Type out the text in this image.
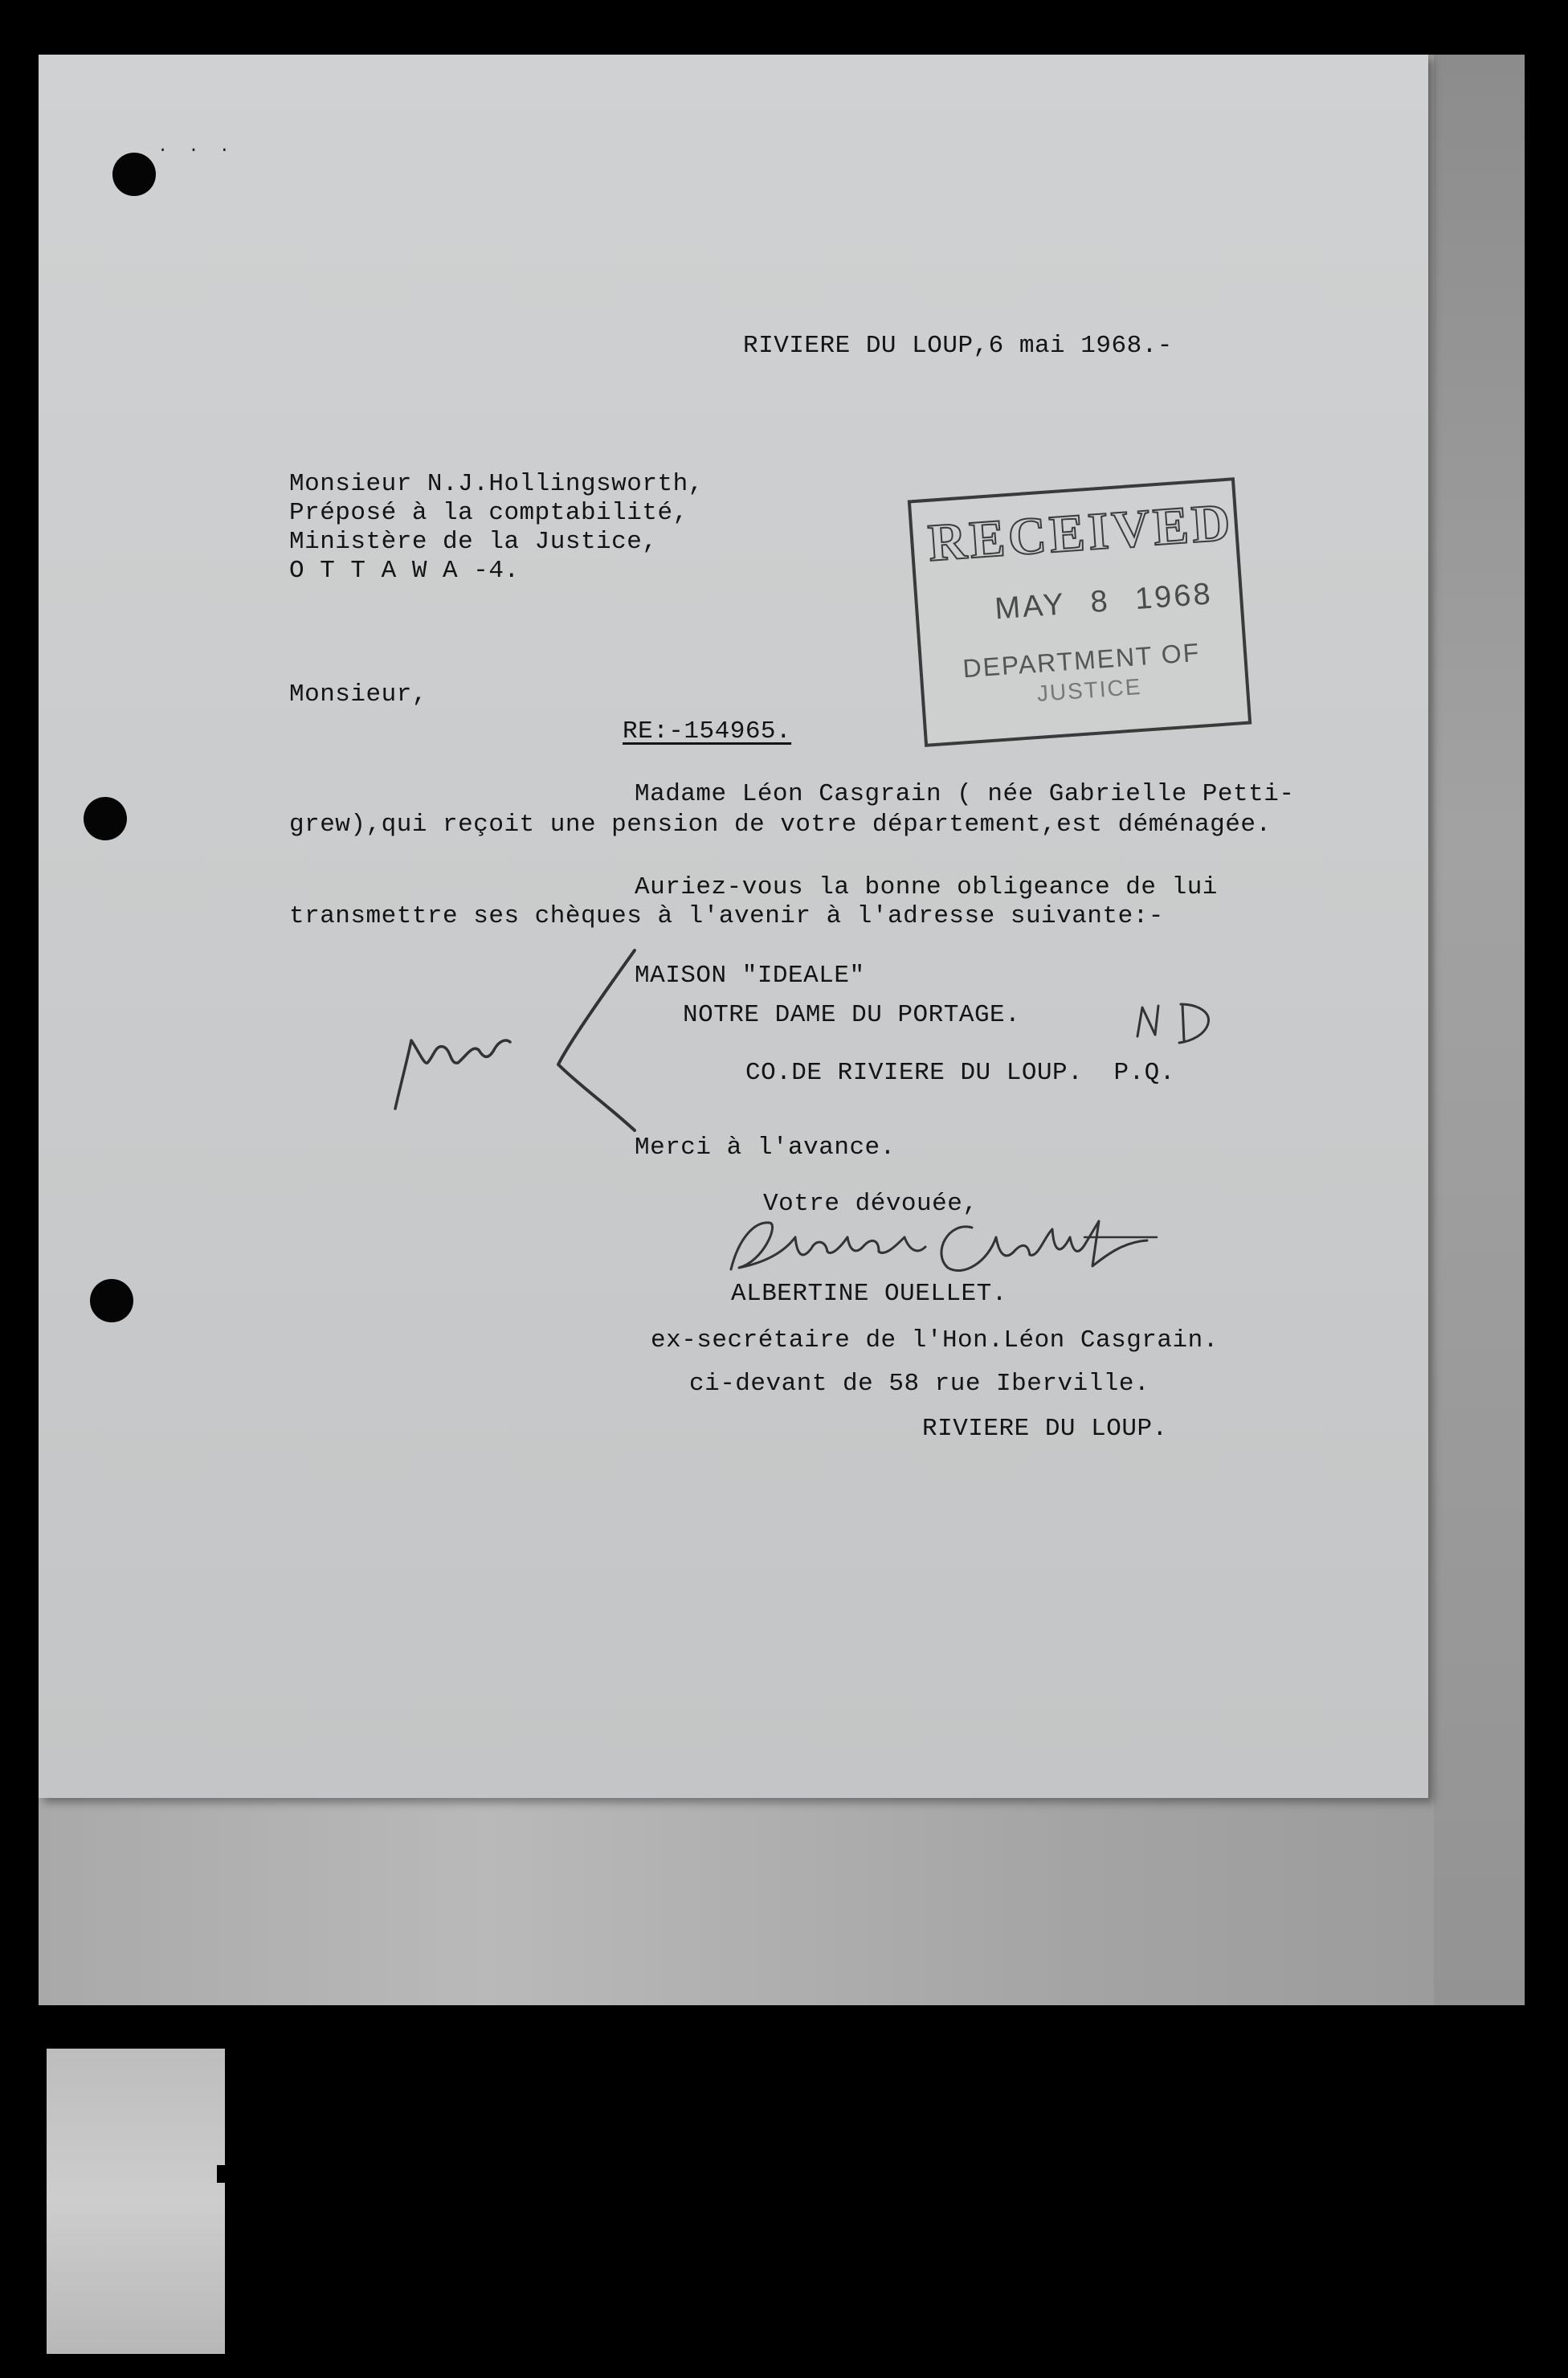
. . .
RIVIERE DU LOUP,6 mai 1968.-
Monsieur N.J.Hollingsworth,
Préposé à la comptabilité,
Ministère de la Justice,
O T T A W A -4.	RECEIVED
MAY 8 1968
DEPARTMENT OF
JUSTICE
Monsieur,
RE:-154965.
Madame Léon Casgrain ( née Gabrielle Petti-
grew),qui reçoit une pension de votre département,est déménagée.
Auriez-vous la bonne obligeance de lui
transmettre ses chèques à l'avenir à l'adresse suivante:-
MAISON "IDEALE"
NOTRE DAME DU PORTAGE.
CO.DE RIVIERE DU LOUP.  P.Q.
Merci à l'avance.
Votre dévouée,
ALBERTINE OUELLET.
ex-secrétaire de l'Hon.Léon Casgrain.
ci-devant de 58 rue Iberville.
RIVIERE DU LOUP.
